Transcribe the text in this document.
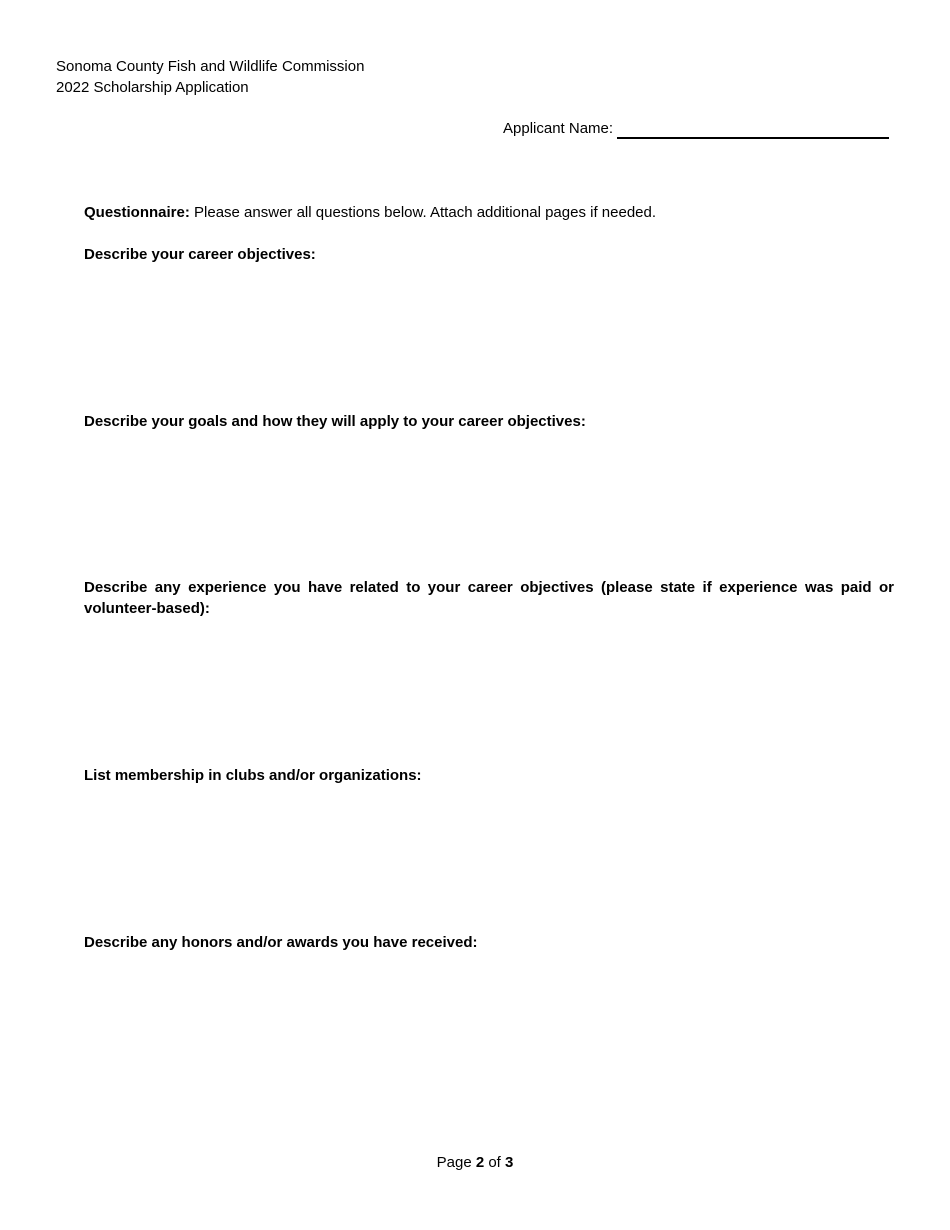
Sonoma County Fish and Wildlife Commission
2022 Scholarship Application
Applicant Name:
Questionnaire: Please answer all questions below. Attach additional pages if needed.
Describe your career objectives:
Describe your goals and how they will apply to your career objectives:
Describe any experience you have related to your career objectives (please state if experience was paid or volunteer-based):
List membership in clubs and/or organizations:
Describe any honors and/or awards you have received:
Page 2 of 3
